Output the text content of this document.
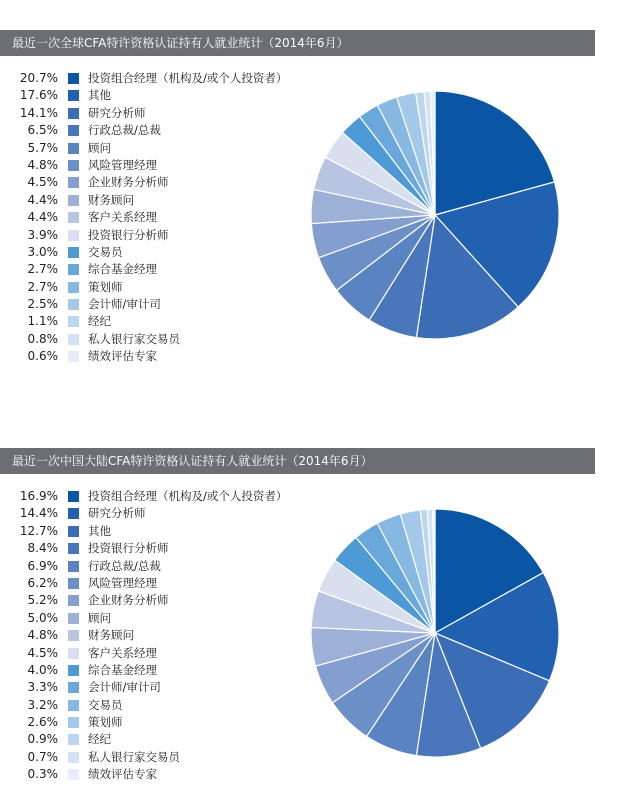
最近一次全球CFA特许资格认证持有人就业统计（2014年6月）
20.7%	投资组合经理（机构及/或个人投资者）
17.6%	其他
14.1%	研究分析师
6.5%	行政总裁/总裁
5.7%	顾问
4.8%	风险管理经理
4.5%	企业财务分析师
4.4%	财务顾问
4.4%	客户关系经理
3.9%	投资银行分析师
3.0%	交易员
2.7%	综合基金经理
2.7%	策划师
2.5%	会计师/审计司
1.1%	经纪
0.8%	私人银行家交易员
0.6%	绩效评估专家
最近一次中国大陆CFA特许资格认证持有人就业统计（2014年6月）
16.9%	投资组合经理（机构及/或个人投资者）
14.4%	研究分析师
12.7%	其他
8.4%	投资银行分析师
6.9%	行政总裁/总裁
6.2%	风险管理经理
5.2%	企业财务分析师
5.0%	顾问
4.8%	财务顾问
4.5%	客户关系经理
4.0%	综合基金经理
3.3%	会计师/审计司
3.2%	交易员
2.6%	策划师
0.9%	经纪
0.7%	私人银行家交易员
0.3%	绩效评估专家
